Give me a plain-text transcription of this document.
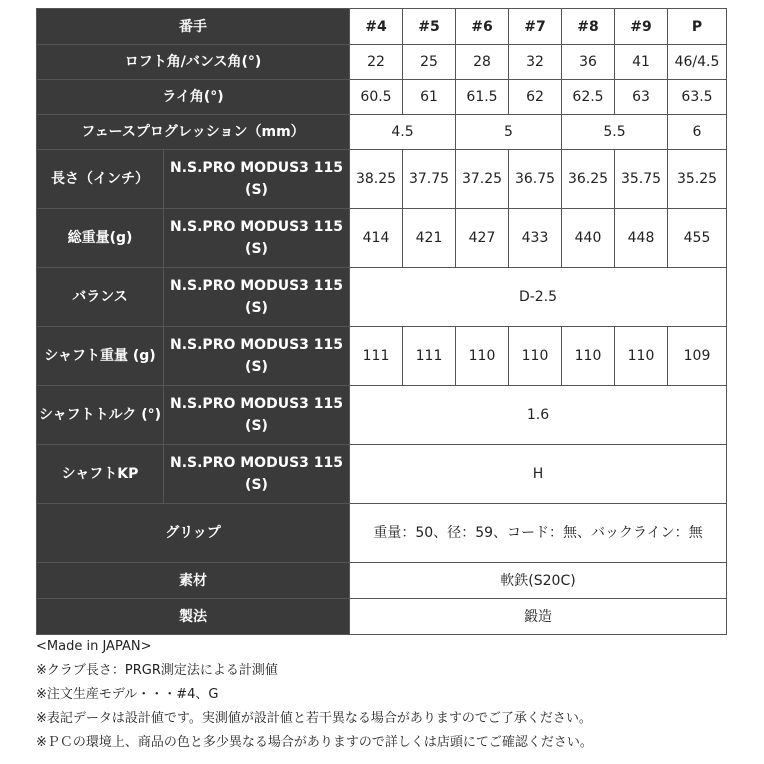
番手		#4	#5	#6	#7	#8	#9	P
ロフト角/バンス角(°)		22	25	28	32	36	41	46/4.5
ライ角(°)		60.5	61	61.5	62	62.5	63	63.5
フェースプログレッション（mm）		4.5		5		5.5		6
長さ（インチ）	N.S.PRO MODUS3 115 (S)	38.25	37.75	37.25	36.75	36.25	35.75	35.25
総重量(g)	N.S.PRO MODUS3 115 (S)	414	421	427	433	440	448	455
バランス	N.S.PRO MODUS3 115 (S)	D-2.5						
シャフト重量 (g)	N.S.PRO MODUS3 115 (S)	111	111	110	110	110	110	109
シャフトトルク (°)	N.S.PRO MODUS3 115 (S)	1.6						
シャフトKP	N.S.PRO MODUS3 115 (S)	H						
グリップ		重量：50、径：59、コード：無、バックライン：無						
素材		軟鉄(S20C)						
製法		鍛造						
<Made in JAPAN>
※クラブ長さ：PRGR測定法による計測値
※注文生産モデル・・・#4、G
※表記データは設計値です。実測値が設計値と若干異なる場合がありますのでご了承ください。
※ＰＣの環境上、商品の色と多少異なる場合がありますので詳しくは店頭にてご確認ください。
